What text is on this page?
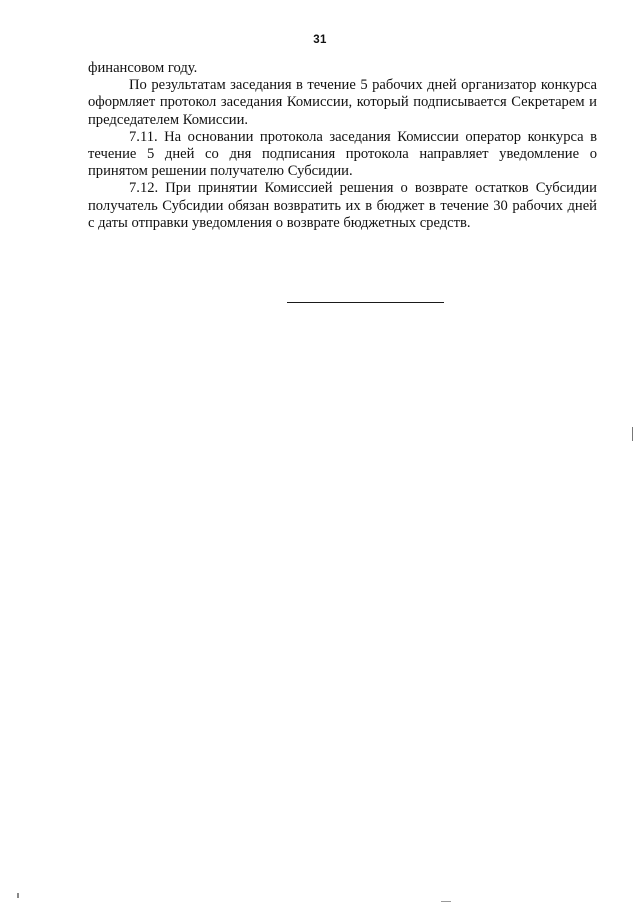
31

финансовом году.

По результатам заседания в течение 5 рабочих дней организатор конкурса оформляет протокол заседания Комиссии, который подписывается Секретарем и председателем Комиссии.

7.11. На основании протокола заседания Комиссии оператор конкурса в течение 5 дней со дня подписания протокола направляет уведомление о принятом решении получателю Субсидии.

7.12. При принятии Комиссией решения о возврате остатков Субсидии получатель Субсидии обязан возвратить их в бюджет в течение 30 рабочих дней с даты отправки уведомления о возврате бюджетных средств.
